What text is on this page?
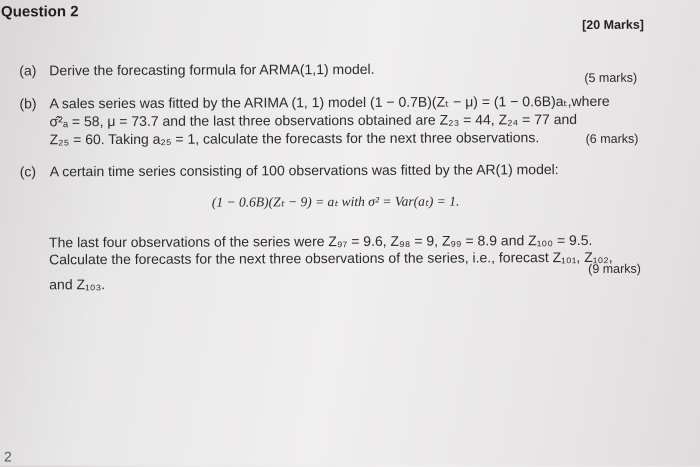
Question 2
[20 Marks]
(a) Derive the forecasting formula for ARMA(1,1) model.	(5 marks)
(b) A sales series was fitted by the ARIMA (1, 1) model (1 − 0.7B)(Zₜ − μ) = (1 − 0.6B)aₜ,where
σ̂²ₐ = 58, μ = 73.7 and the last three observations obtained are Z₂₃ = 44, Z₂₄ = 77 and
Z₂₅ = 60. Taking a₂₅ = 1, calculate the forecasts for the next three observations.	(6 marks)
(c) A certain time series consisting of 100 observations was fitted by the AR(1) model:
(1 − 0.6B)(Zₜ − 9) = aₜ with σ² = Var(aₜ) = 1.
The last four observations of the series were Z₉₇ = 9.6, Z₉₈ = 9, Z₉₉ = 8.9 and Z₁₀₀ = 9.5.
Calculate the forecasts for the next three observations of the series, i.e., forecast Z₁₀₁, Z₁₀₂,
(9 marks)
and Z₁₀₃.
2
